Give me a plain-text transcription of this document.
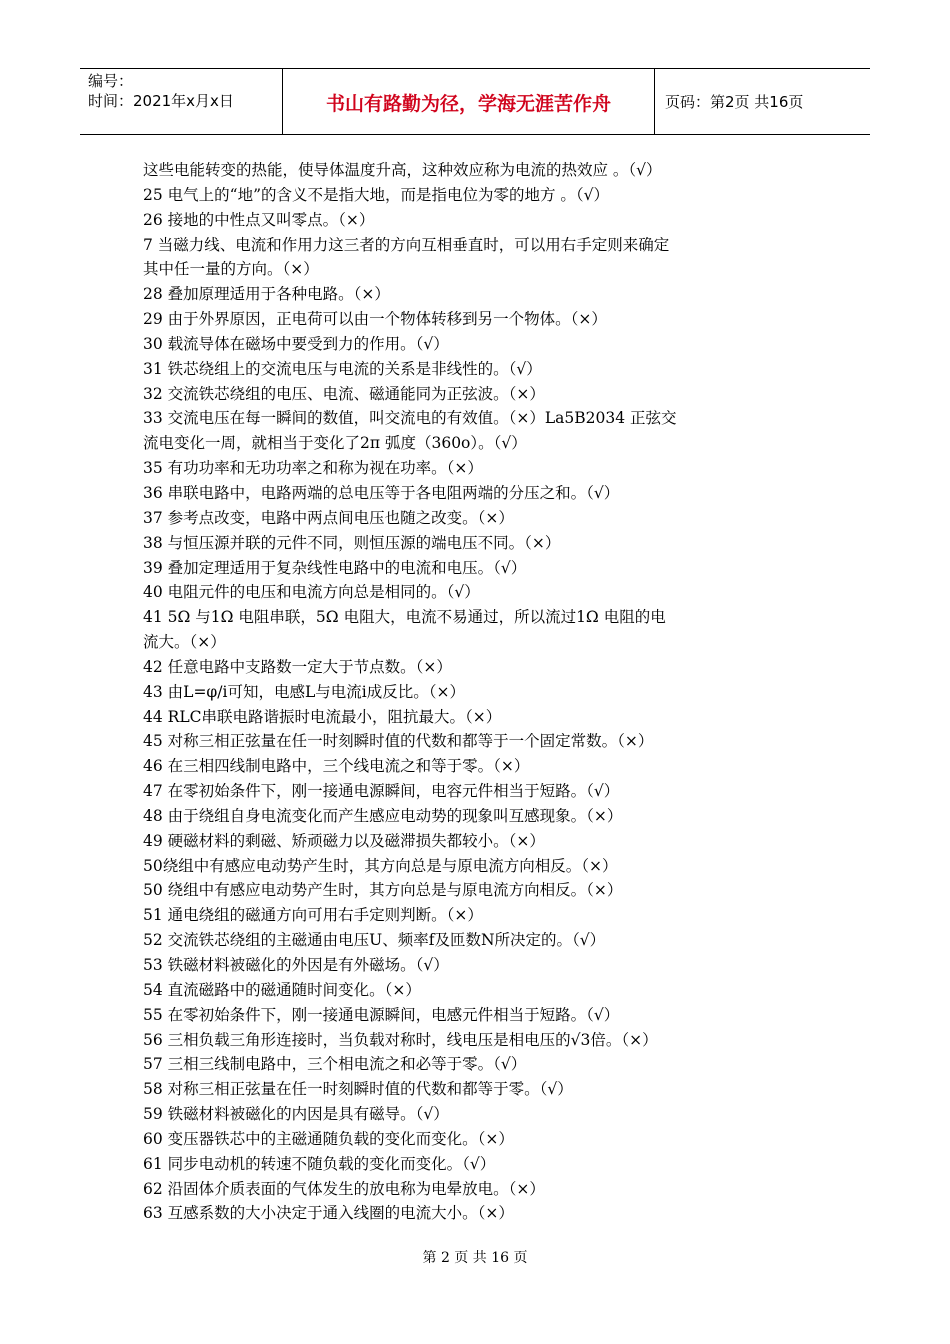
编号：
时间：2021年x月x日	书山有路勤为径，学海无涯苦作舟	页码：第2页 共16页
这些电能转变的热能，使导体温度升高，这种效应称为电流的热效应 。（√）
25 电气上的“地”的含义不是指大地，而是指电位为零的地方 。（√）
26 接地的中性点又叫零点。（×）
7 当磁力线、电流和作用力这三者的方向互相垂直时，可以用右手定则来确定
其中任一量的方向。（×）
28 叠加原理适用于各种电路。（×）
29 由于外界原因，正电荷可以由一个物体转移到另一个物体。（×）
30 载流导体在磁场中要受到力的作用。（√）
31 铁芯绕组上的交流电压与电流的关系是非线性的。（√）
32 交流铁芯绕组的电压、电流、磁通能同为正弦波。（×）
33 交流电压在每一瞬间的数值，叫交流电的有效值。（×）La5B2034 正弦交
流电变化一周，就相当于变化了2π 弧度（360o）。（√）
35 有功功率和无功功率之和称为视在功率。（×）
36 串联电路中，电路两端的总电压等于各电阻两端的分压之和。（√）
37 参考点改变，电路中两点间电压也随之改变。（×）
38 与恒压源并联的元件不同，则恒压源的端电压不同。（×）
39 叠加定理适用于复杂线性电路中的电流和电压。（√）
40 电阻元件的电压和电流方向总是相同的。（√）
41 5Ω 与1Ω 电阻串联，5Ω 电阻大，电流不易通过，所以流过1Ω 电阻的电
流大。（×）
42 任意电路中支路数一定大于节点数。（×）
43 由L=φ/i可知，电感L与电流i成反比。（×）
44 RLC串联电路谐振时电流最小，阻抗最大。（×）
45 对称三相正弦量在任一时刻瞬时值的代数和都等于一个固定常数。（×）
46 在三相四线制电路中，三个线电流之和等于零。（×）
47 在零初始条件下，刚一接通电源瞬间，电容元件相当于短路。（√）
48 由于绕组自身电流变化而产生感应电动势的现象叫互感现象。（×）
49 硬磁材料的剩磁、矫顽磁力以及磁滞损失都较小。（×）
50绕组中有感应电动势产生时，其方向总是与原电流方向相反。（×）
50 绕组中有感应电动势产生时，其方向总是与原电流方向相反。（×）
51 通电绕组的磁通方向可用右手定则判断。（×）
52 交流铁芯绕组的主磁通由电压U、频率f及匝数N所决定的。（√）
53 铁磁材料被磁化的外因是有外磁场。（√）
54 直流磁路中的磁通随时间变化。（×）
55 在零初始条件下，刚一接通电源瞬间，电感元件相当于短路。（√）
56 三相负载三角形连接时，当负载对称时，线电压是相电压的√3倍。（×）
57 三相三线制电路中，三个相电流之和必等于零。（√）
58 对称三相正弦量在任一时刻瞬时值的代数和都等于零。（√）
59 铁磁材料被磁化的内因是具有磁导。（√）
60 变压器铁芯中的主磁通随负载的变化而变化。（×）
61 同步电动机的转速不随负载的变化而变化。（√）
62 沿固体介质表面的气体发生的放电称为电晕放电。（×）
63 互感系数的大小决定于通入线圈的电流大小。（×）
第 2 页 共 16 页
